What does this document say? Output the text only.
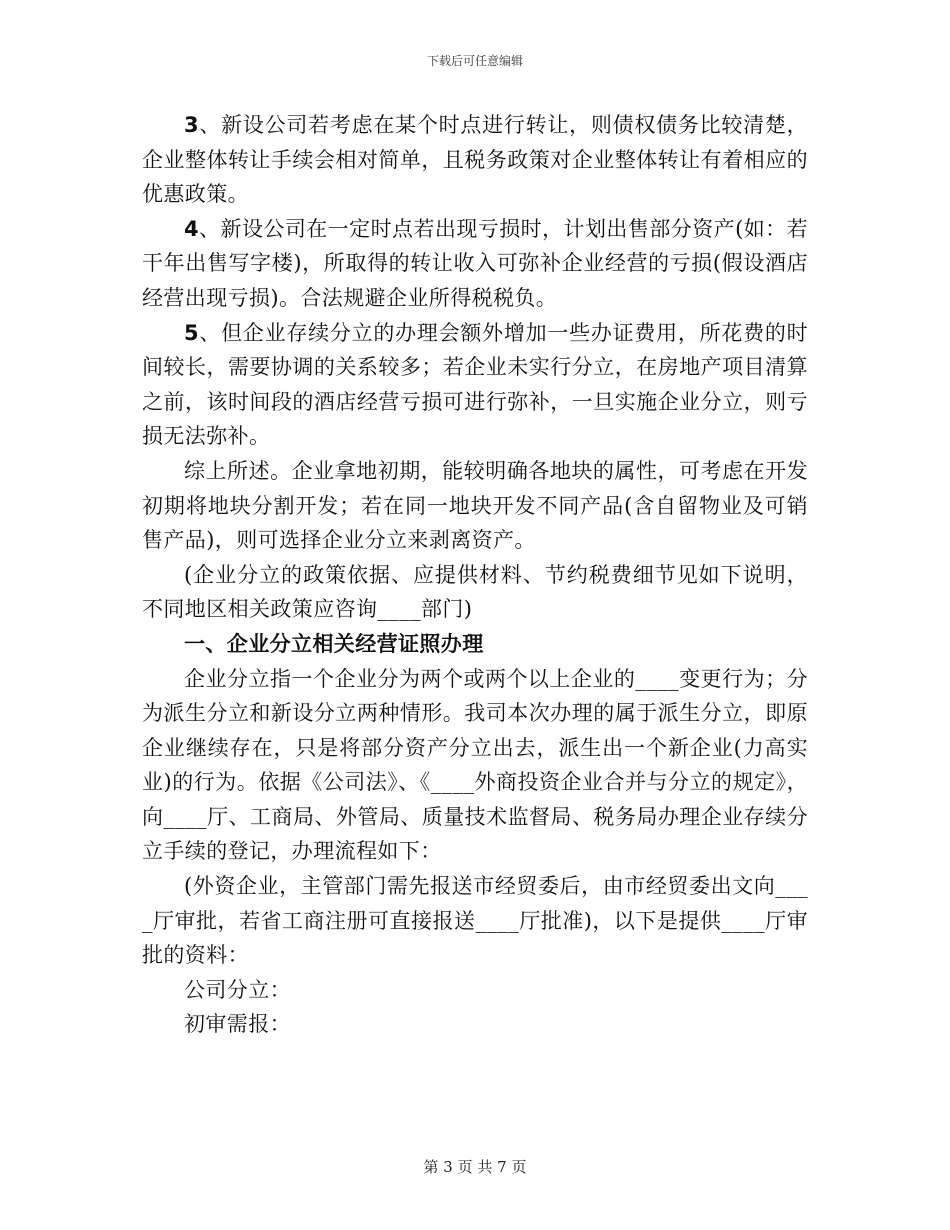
下载后可任意编辑

3、新设公司若考虑在某个时点进行转让，则债权债务比较清楚，企业整体转让手续会相对简单，且税务政策对企业整体转让有着相应的优惠政策。

4、新设公司在一定时点若出现亏损时，计划出售部分资产(如：若干年出售写字楼)，所取得的转让收入可弥补企业经营的亏损(假设酒店经营出现亏损)。合法规避企业所得税税负。

5、但企业存续分立的办理会额外增加一些办证费用，所花费的时间较长，需要协调的关系较多；若企业未实行分立，在房地产项目清算之前，该时间段的酒店经营亏损可进行弥补，一旦实施企业分立，则亏损无法弥补。

综上所述。企业拿地初期，能较明确各地块的属性，可考虑在开发初期将地块分割开发；若在同一地块开发不同产品(含自留物业及可销售产品)，则可选择企业分立来剥离资产。

(企业分立的政策依据、应提供材料、节约税费细节见如下说明，不同地区相关政策应咨询____部门)

一、企业分立相关经营证照办理

企业分立指一个企业分为两个或两个以上企业的____变更行为；分为派生分立和新设分立两种情形。我司本次办理的属于派生分立，即原企业继续存在，只是将部分资产分立出去，派生出一个新企业(力高实业)的行为。依据《公司法》、《____外商投资企业合并与分立的规定》，向____厅、工商局、外管局、质量技术监督局、税务局办理企业存续分立手续的登记，办理流程如下：

(外资企业，主管部门需先报送市经贸委后，由市经贸委出文向____厅审批，若省工商注册可直接报送____厅批准)，以下是提供____厅审批的资料：

公司分立：

初审需报：

第 3 页 共 7 页
